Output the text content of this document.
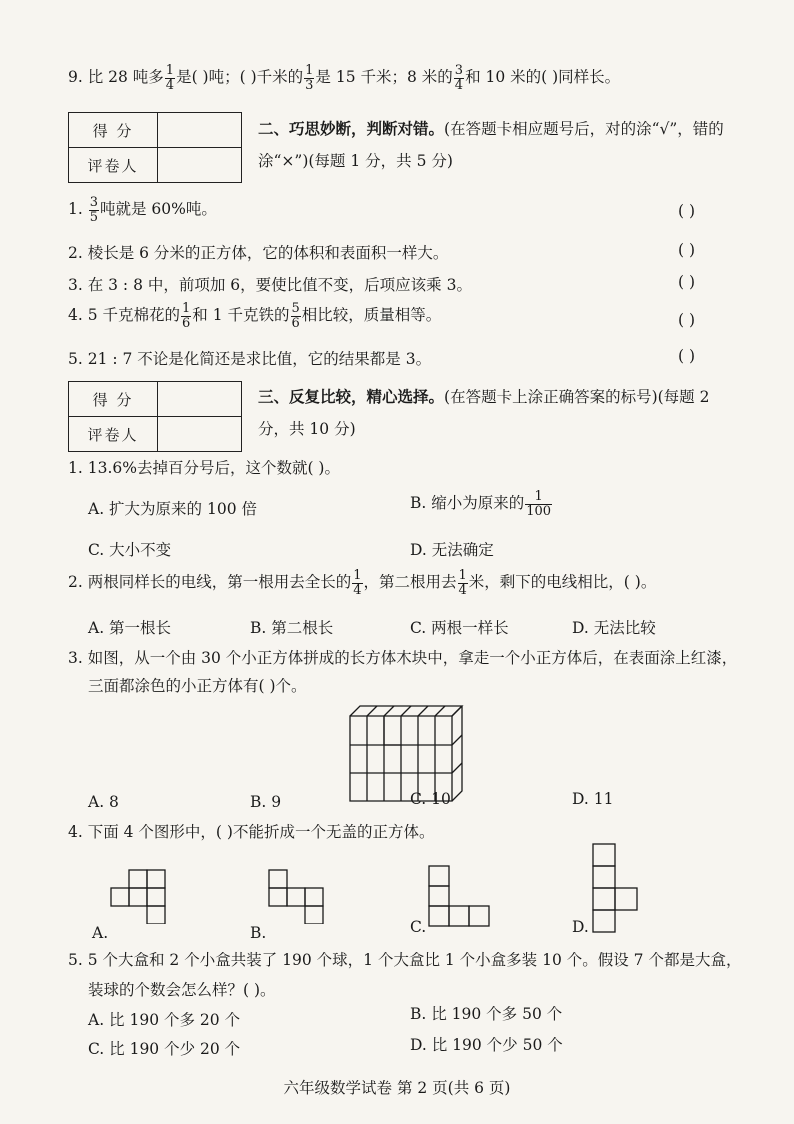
9. 比 28 吨多 $\frac{1}{4}$ 是( )吨；( )千米的 $\frac{1}{3}$ 是 15 千米；8 米的 $\frac{3}{4}$ 和 10 米的( )同样长。
得 分	
评卷人	
二、巧思妙断，判断对错。(在答题卡相应题号后，对的涂“√”，错的涂“×”)(每题 1 分，共 5 分)
1. $\frac{3}{5}$ 吨就是 60%吨。	( )
2. 棱长是 6 分米的正方体，它的体积和表面积一样大。	( )
3. 在 3 : 8 中，前项加 6，要使比值不变，后项应该乘 3。	( )
4. 5 千克棉花的 $\frac{1}{6}$ 和 1 千克铁的 $\frac{5}{6}$ 相比较，质量相等。	( )
5. 21 : 7 不论是化简还是求比值，它的结果都是 3。	( )
得 分	
评卷人	
三、反复比较，精心选择。(在答题卡上涂正确答案的标号)(每题 2 分，共 10 分)
1. 13.6%去掉百分号后，这个数就( )。
A. 扩大为原来的 100 倍	B. 缩小为原来的 $\frac{1}{100}$
C. 大小不变	D. 无法确定
2. 两根同样长的电线，第一根用去全长的 $\frac{1}{4}$ ，第二根用去 $\frac{1}{4}$ 米，剩下的电线相比，( )。
A. 第一根长	B. 第二根长	C. 两根一样长	D. 无法比较
3. 如图，从一个由 30 个小正方体拼成的长方体木块中，拿走一个小正方体后，在表面涂上红漆，
三面都涂色的小正方体有( )个。
A. 8	B. 9	C. 10	D. 11
4. 下面 4 个图形中，( )不能折成一个无盖的正方体。
A.	B.	C.	D.
5. 5 个大盒和 2 个小盒共装了 190 个球，1 个大盒比 1 个小盒多装 10 个。假设 7 个都是大盒，
装球的个数会怎么样？( )。
A. 比 190 个多 20 个	B. 比 190 个多 50 个
C. 比 190 个少 20 个	D. 比 190 个少 50 个
六年级数学试卷 第 2 页(共 6 页)
